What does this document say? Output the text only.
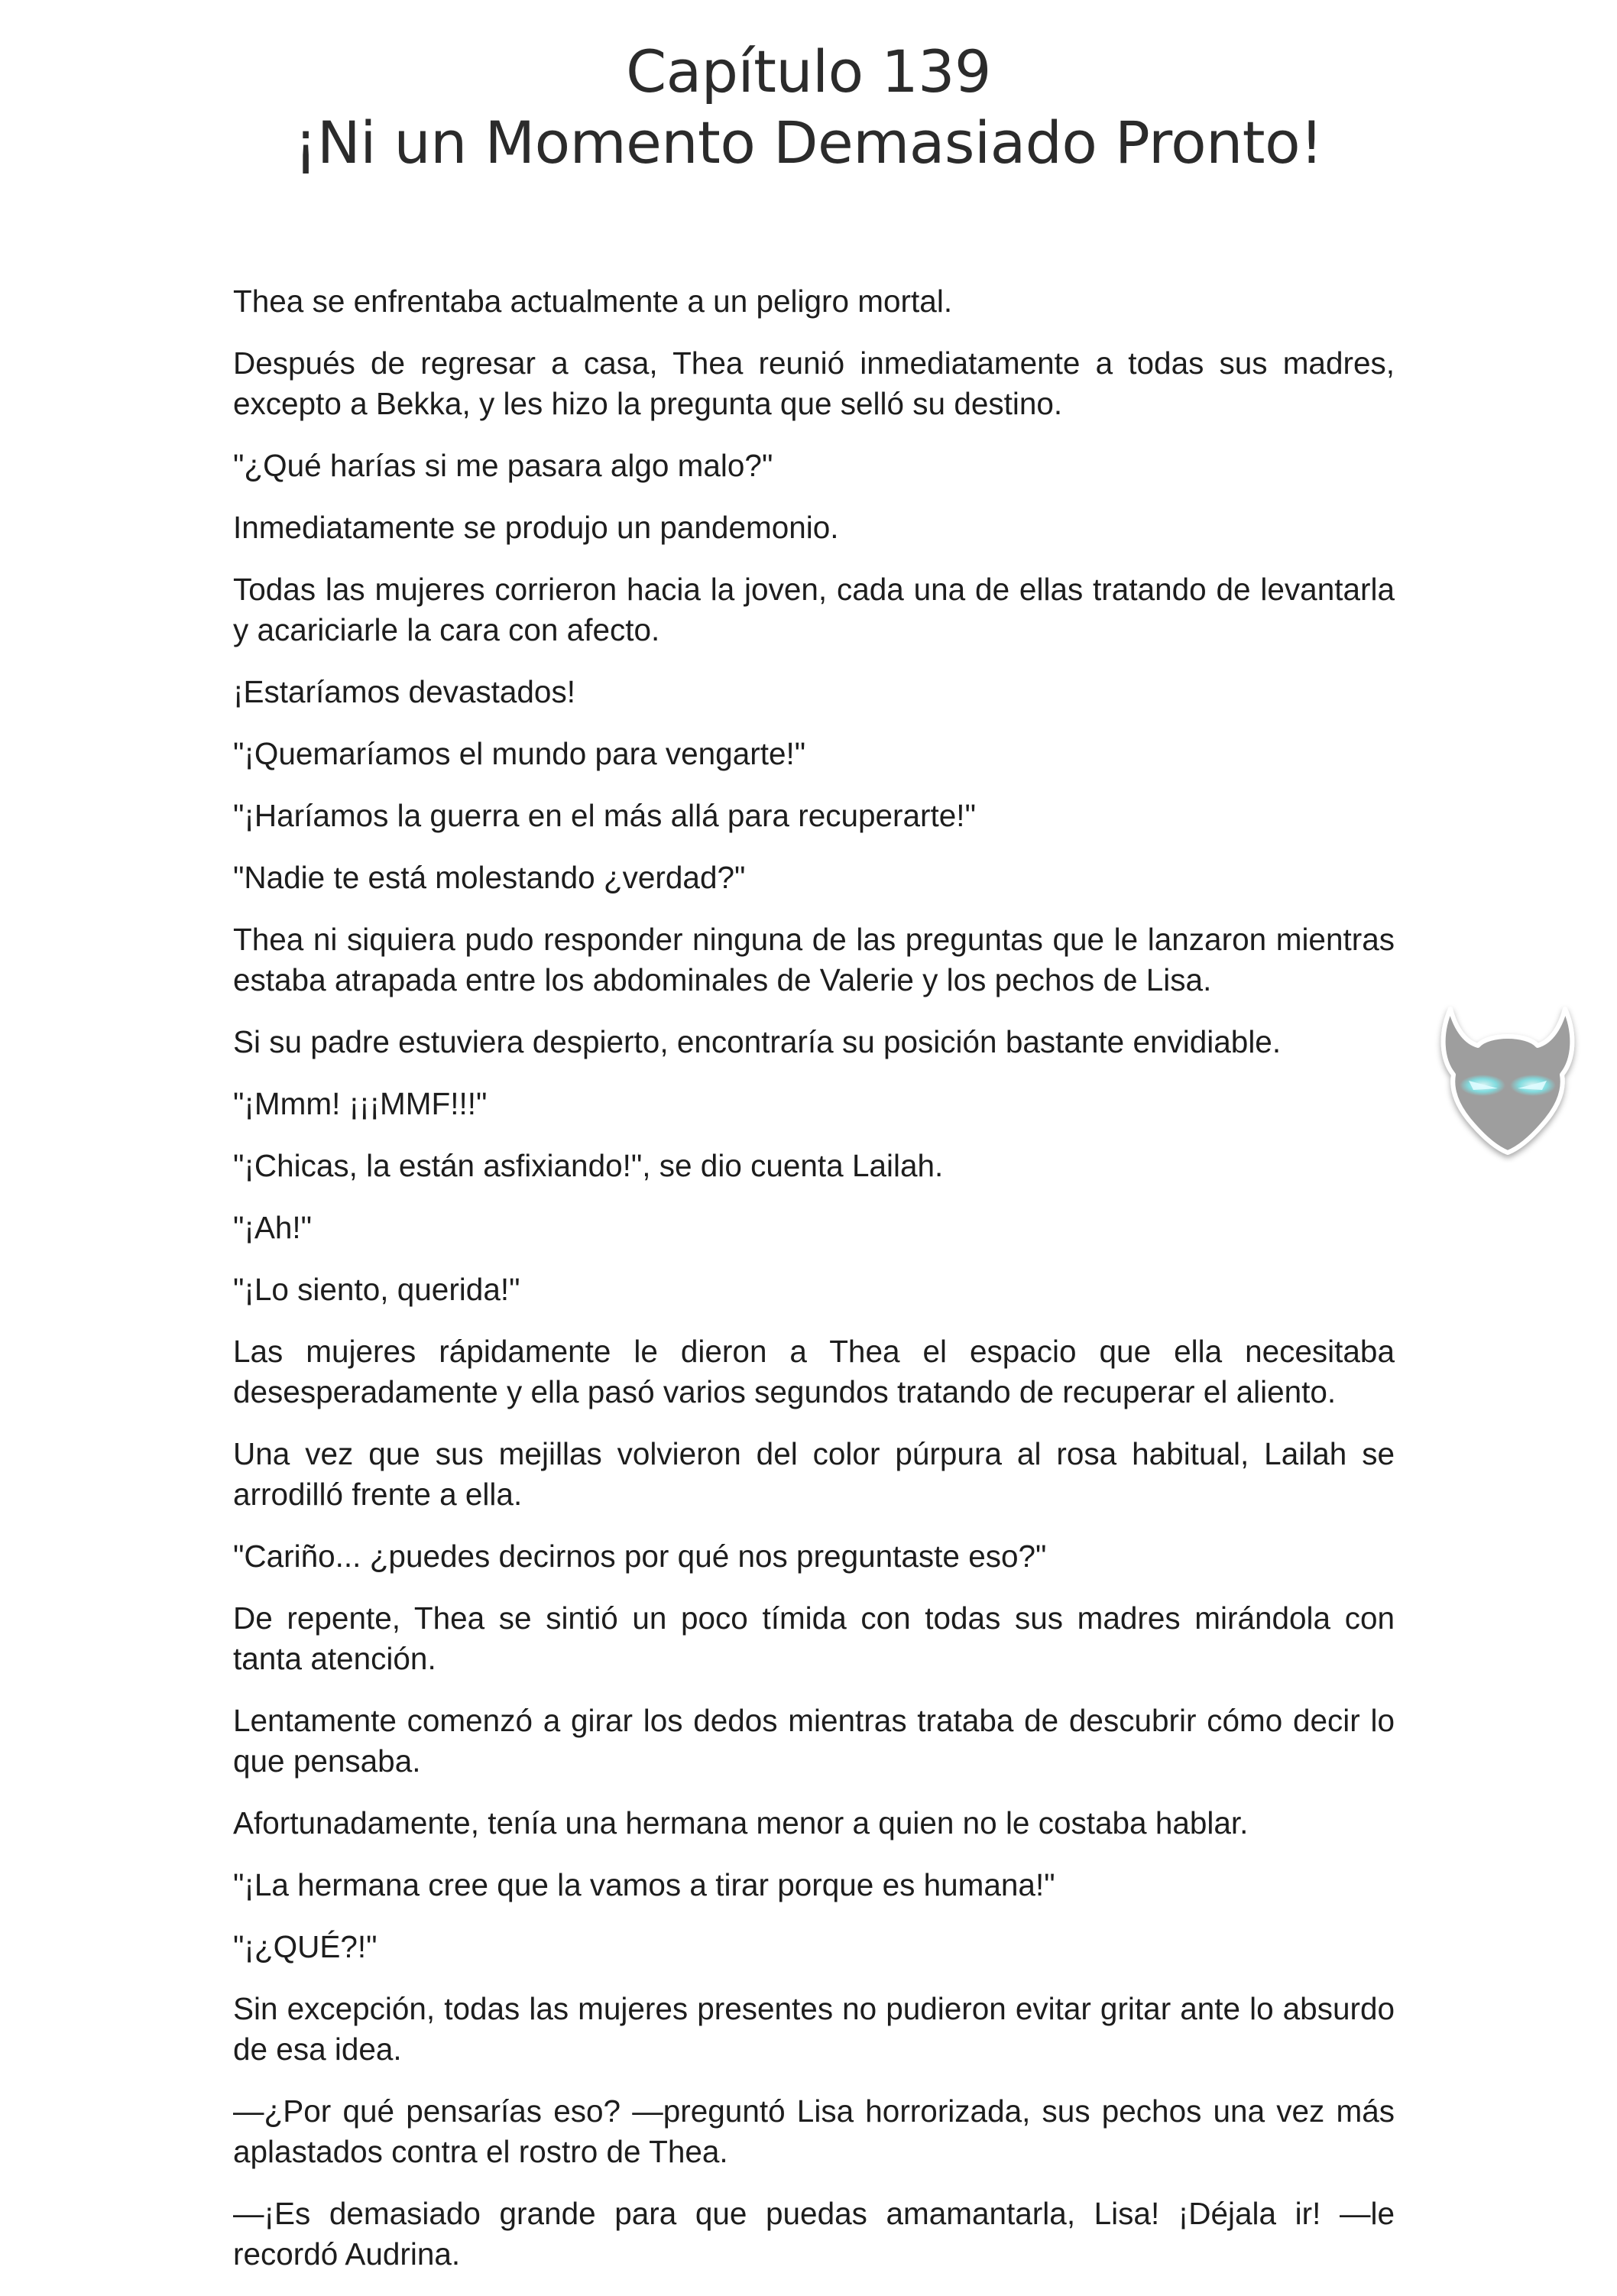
Capítulo 139
¡Ni un Momento Demasiado Pronto!

Thea se enfrentaba actualmente a un peligro mortal.

Después de regresar a casa, Thea reunió inmediatamente a todas sus madres, excepto a Bekka, y les hizo la pregunta que selló su destino.

"¿Qué harías si me pasara algo malo?"

Inmediatamente se produjo un pandemonio.

Todas las mujeres corrieron hacia la joven, cada una de ellas tratando de levantarla y acariciarle la cara con afecto.

¡Estaríamos devastados!

"¡Quemaríamos el mundo para vengarte!"

"¡Haríamos la guerra en el más allá para recuperarte!"

"Nadie te está molestando ¿verdad?"

Thea ni siquiera pudo responder ninguna de las preguntas que le lanzaron mientras estaba atrapada entre los abdominales de Valerie y los pechos de Lisa.

Si su padre estuviera despierto, encontraría su posición bastante envidiable.

"¡Mmm! ¡¡¡MMF!!!"

"¡Chicas, la están asfixiando!", se dio cuenta Lailah.

"¡Ah!"

"¡Lo siento, querida!"

Las mujeres rápidamente le dieron a Thea el espacio que ella necesitaba desesperadamente y ella pasó varios segundos tratando de recuperar el aliento.

Una vez que sus mejillas volvieron del color púrpura al rosa habitual, Lailah se arrodilló frente a ella.

"Cariño... ¿puedes decirnos por qué nos preguntaste eso?"

De repente, Thea se sintió un poco tímida con todas sus madres mirándola con tanta atención.

Lentamente comenzó a girar los dedos mientras trataba de descubrir cómo decir lo que pensaba.

Afortunadamente, tenía una hermana menor a quien no le costaba hablar.

"¡La hermana cree que la vamos a tirar porque es humana!"

"¡¿QUÉ?!"

Sin excepción, todas las mujeres presentes no pudieron evitar gritar ante lo absurdo de esa idea.

—¿Por qué pensarías eso? —preguntó Lisa horrorizada, sus pechos una vez más aplastados contra el rostro de Thea.

—¡Es demasiado grande para que puedas amamantarla, Lisa! ¡Déjala ir! —le recordó Audrina.
